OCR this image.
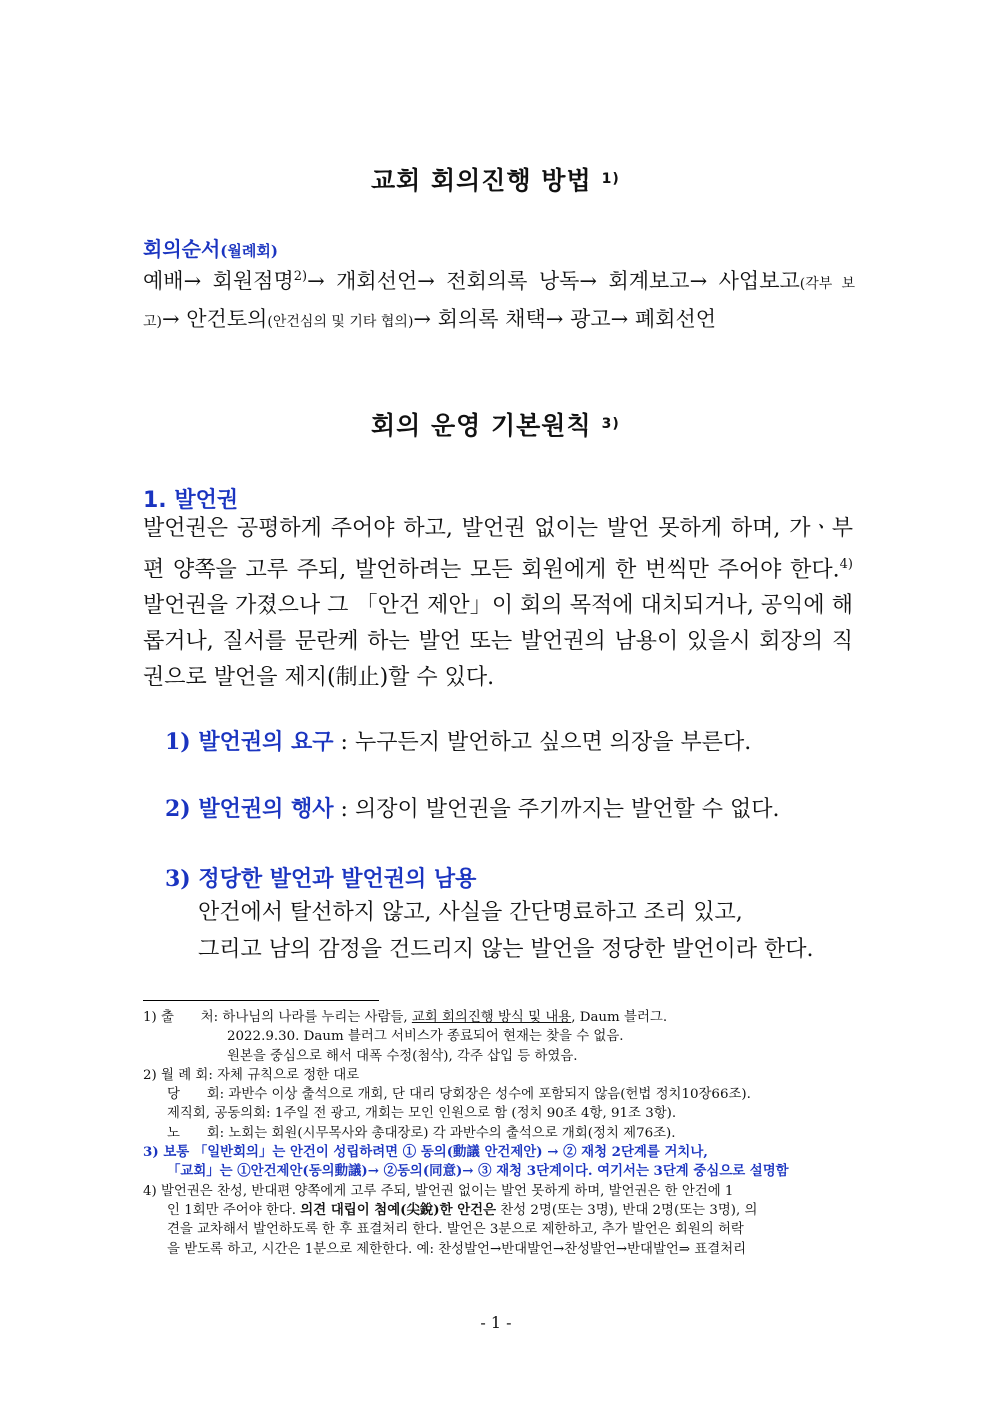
교회 회의진행 방법 $^{1)}$
회의순서(월례회)
예배→ 회원점명$^{2)}$→ 개회선언→ 전회의록 낭독→ 회계보고→ 사업보고(각부 보고)→ 안건토의(안건심의 및 기타 협의)→ 회의록 채택→ 광고→ 폐회선언
회의 운영 기본원칙 $^{3)}$
1. 발언권
발언권은 공평하게 주어야 하고, 발언권 없이는 발언 못하게 하며, 가ㆍ부편 양쪽을 고루 주되, 발언하려는 모든 회원에게 한 번씩만 주어야 한다.$^{4)}$ 발언권을 가졌으나 그 「안건 제안」이 회의 목적에 대치되거나, 공익에 해롭거나, 질서를 문란케 하는 발언 또는 발언권의 남용이 있을시 회장의 직권으로 발언을 제지(制止)할 수 있다.
1) 발언권의 요구 : 누구든지 발언하고 싶으면 의장을 부른다.
2) 발언권의 행사 : 의장이 발언권을 주기까지는 발언할 수 없다.
3) 정당한 발언과 발언권의 남용
안건에서 탈선하지 않고, 사실을 간단명료하고 조리 있고,
그리고 남의 감정을 건드리지 않는 발언을 정당한 발언이라 한다.
1) 출　　처: 하나님의 나라를 누리는 사람들, 교회 회의진행 방식 및 내용, Daum 블러그.
2022.9.30. Daum 블러그 서비스가 종료되어 현재는 찾을 수 없음.
원본을 중심으로 해서 대폭 수정(첨삭), 각주 삽입 등 하였음.
2) 월 례 회: 자체 규칙으로 정한 대로
당　　회: 과반수 이상 출석으로 개회, 단 대리 당회장은 성수에 포함되지 않음(헌법 정치10장66조).
제직회, 공동의회: 1주일 전 광고, 개회는 모인 인원으로 함 (정치 90조 4항, 91조 3항).
노　　회: 노회는 회원(시무목사와 총대장로) 각 과반수의 출석으로 개회(정치 제76조).
3) 보통 「일반회의」는 안건이 성립하려면 ① 동의(動議 안건제안) → ② 재청 2단계를 거치나,
「교회」는 ①안건제안(동의動議)→ ②동의(同意)→ ③ 재청 3단계이다. 여기서는 3단계 중심으로 설명함
4) 발언권은 찬성, 반대편 양쪽에게 고루 주되, 발언권 없이는 발언 못하게 하며, 발언권은 한 안건에 1
인 1회만 주어야 한다. 의견 대립이 첨예(尖銳)한 안건은 찬성 2명(또는 3명), 반대 2명(또는 3명), 의
견을 교차해서 발언하도록 한 후 표결처리 한다. 발언은 3분으로 제한하고, 추가 발언은 회원의 허락
을 받도록 하고, 시간은 1분으로 제한한다. 예: 찬성발언→반대발언→찬성발언→반대발언⇒ 표결처리
- 1 -
